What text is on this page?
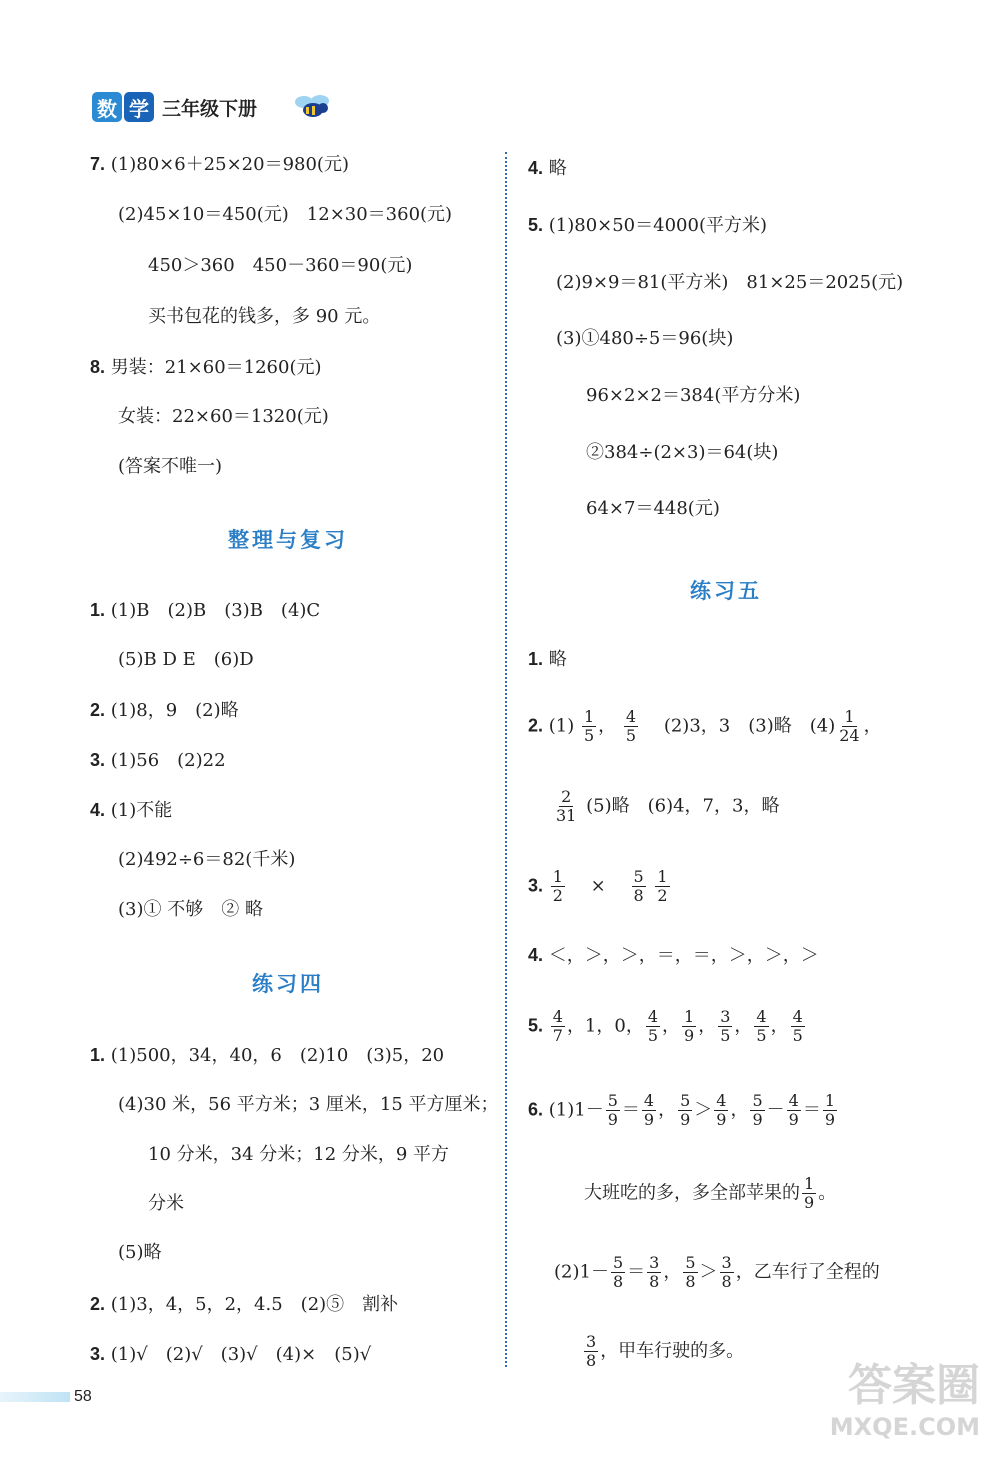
数 学 三年级下册
7. (1)80×6＋25×20＝980(元)
(2)45×10＝450(元)　12×30＝360(元)
450＞360　450－360＝90(元)
买书包花的钱多，多 90 元。
8. 男装：21×60＝1260(元)
女装：22×60＝1320(元)
(答案不唯一)
整理与复习
1. (1)B　(2)B　(3)B　(4)C
(5)B D E　(6)D
2. (1)8，9　(2)略
3. (1)56　(2)22
4. (1)不能
(2)492÷6＝82(千米)
(3)① 不够　② 略
练习四
1. (1)500，34，40，6　(2)10　(3)5，20
(4)30 米，56 平方米；3 厘米，15 平方厘米；
10 分米，34 分米；12 分米，9 平方
分米
(5)略
2. (1)3，4，5，2，4.5　(2)⑤　割补
3. (1)√　(2)√　(3)√　(4)×　(5)√
4. 略
5. (1)80×50＝4000(平方米)
(2)9×9＝81(平方米)　81×25＝2025(元)
(3)①480÷5＝96(块)
96×2×2＝384(平方分米)
②384÷(2×3)＝64(块)
64×7＝448(元)
练习五
1. 略
2. $(1) \frac{1}{5}$ ， $\frac{4}{5}$
　 (2)3，3　(3)略　$(4) \frac{1}{24}$ ，
$\frac{2}{31} (5)$略　(6)4，7，3，略
3. $\frac{1}{2}$
　 ×　 $\frac{5}{8}$
$\frac{1}{2}$
4. ＜，＞，＞，＝，＝，＞，＞，＞
5. $\frac{4}{7}$ ，1，0， $\frac{4}{5}$ ， $\frac{1}{9}$ ， $\frac{3}{5}$ ， $\frac{4}{5}$ ， $\frac{4}{5}$
6. $(1)1- \frac{5}{9} = \frac{4}{9}$ ， $\frac{5}{9} > \frac{4}{9}$ ， $\frac{5}{9} - \frac{4}{9} = \frac{1}{9}$
大班吃的多，多全部苹果的 $\frac{1}{9}$ 。
$(2)1- \frac{5}{8} = \frac{3}{8}$ ， $\frac{5}{8} > \frac{3}{8}$ ，乙车行了全程的
$\frac{3}{8}$ ，甲车行驶的多。
58	答案圈
MXQE.COM
